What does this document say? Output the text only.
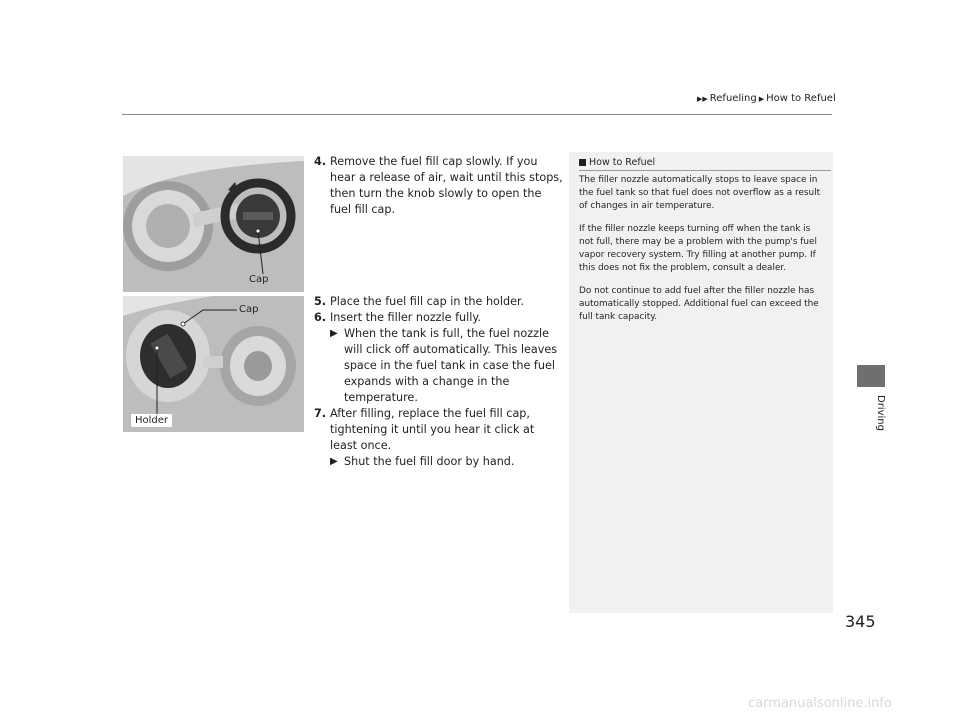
▶▶ Refueling ▶ How to Refuel
Driving
Cap
Cap
Holder
4. Remove the fuel fill cap slowly. If you hear a release of air, wait until this stops, then turn the knob slowly to open the fuel fill cap.
5. Place the fuel fill cap in the holder.
6. Insert the filler nozzle fully.
▶ When the tank is full, the fuel nozzle will click off automatically. This leaves space in the fuel tank in case the fuel expands with a change in the temperature.
7. After filling, replace the fuel fill cap, tightening it until you hear it click at least once.
▶ Shut the fuel fill door by hand.
How to Refuel

The filler nozzle automatically stops to leave space in the fuel tank so that fuel does not overflow as a result of changes in air temperature.

If the filler nozzle keeps turning off when the tank is not full, there may be a problem with the pump's fuel vapor recovery system. Try filling at another pump. If this does not fix the problem, consult a dealer.

Do not continue to add fuel after the filler nozzle has automatically stopped. Additional fuel can exceed the full tank capacity.

345
carmanualsonline.info
